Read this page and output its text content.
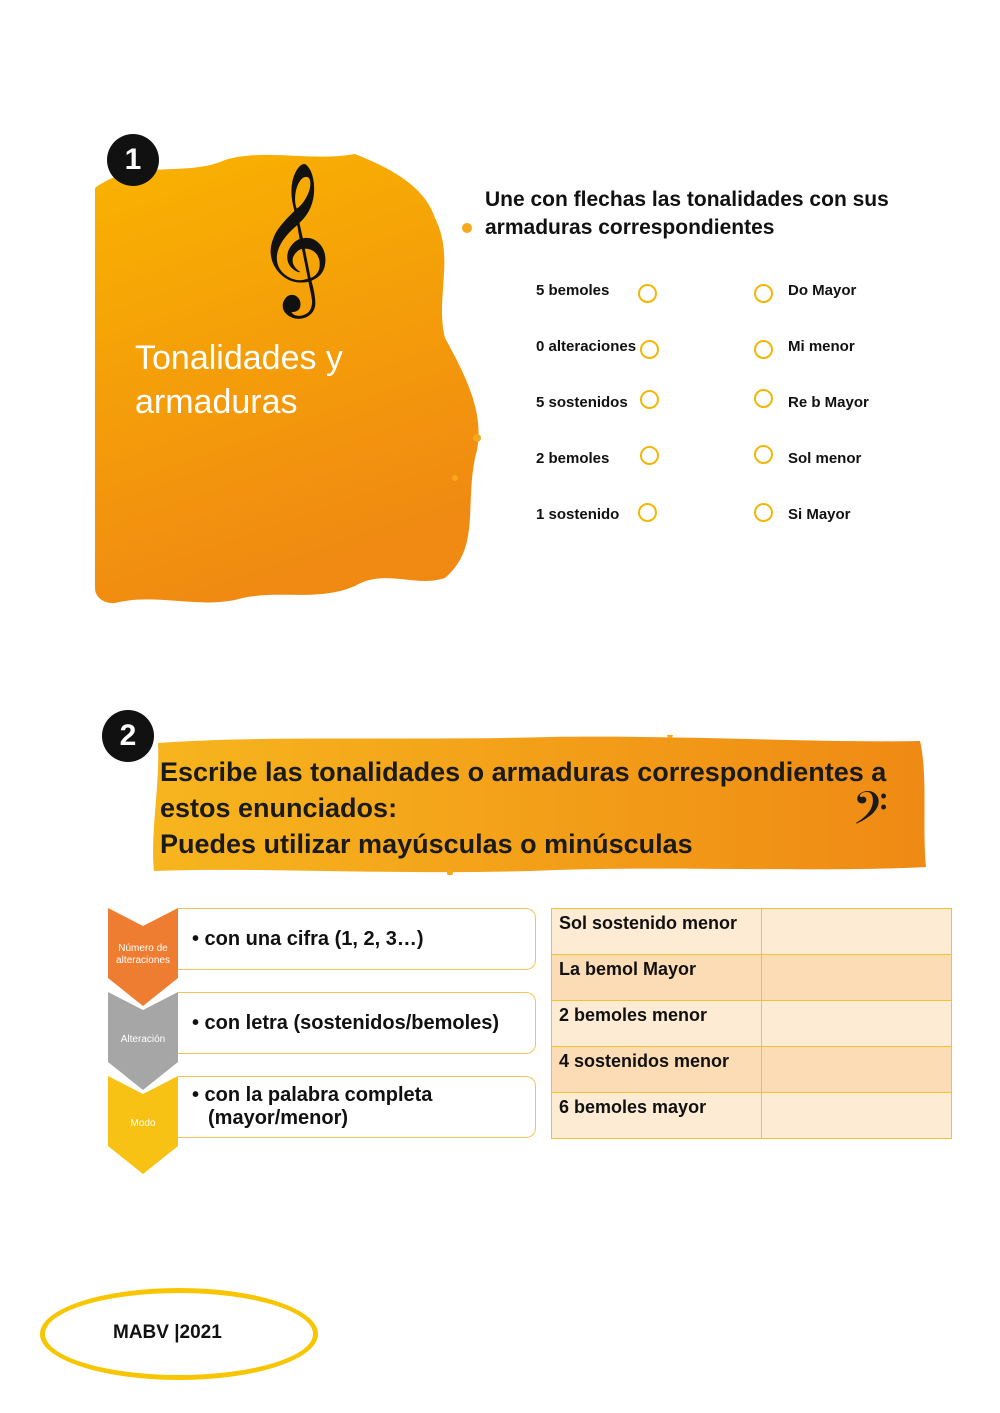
1
𝄞
Tonalidades y
armaduras
Une con flechas las tonalidades con sus
armaduras correspondientes
5 bemoles
0 alteraciones
5 sostenidos
2 bemoles
1 sostenido
Do Mayor
Mi menor
Re b Mayor
Sol menor
Si Mayor
2
Escribe las tonalidades o armaduras correspondientes a
estos enunciados:
Puedes utilizar mayúsculas o minúsculas	𝄢
Número de
alteraciones
• con una cifra (1, 2, 3…)
Alteración
• con letra (sostenidos/bemoles)
Modo
• con la palabra completa
(mayor/menor)
Sol sostenido menor	
La bemol Mayor	
2 bemoles menor	
4 sostenidos menor	
6 bemoles mayor	
MABV |2021
